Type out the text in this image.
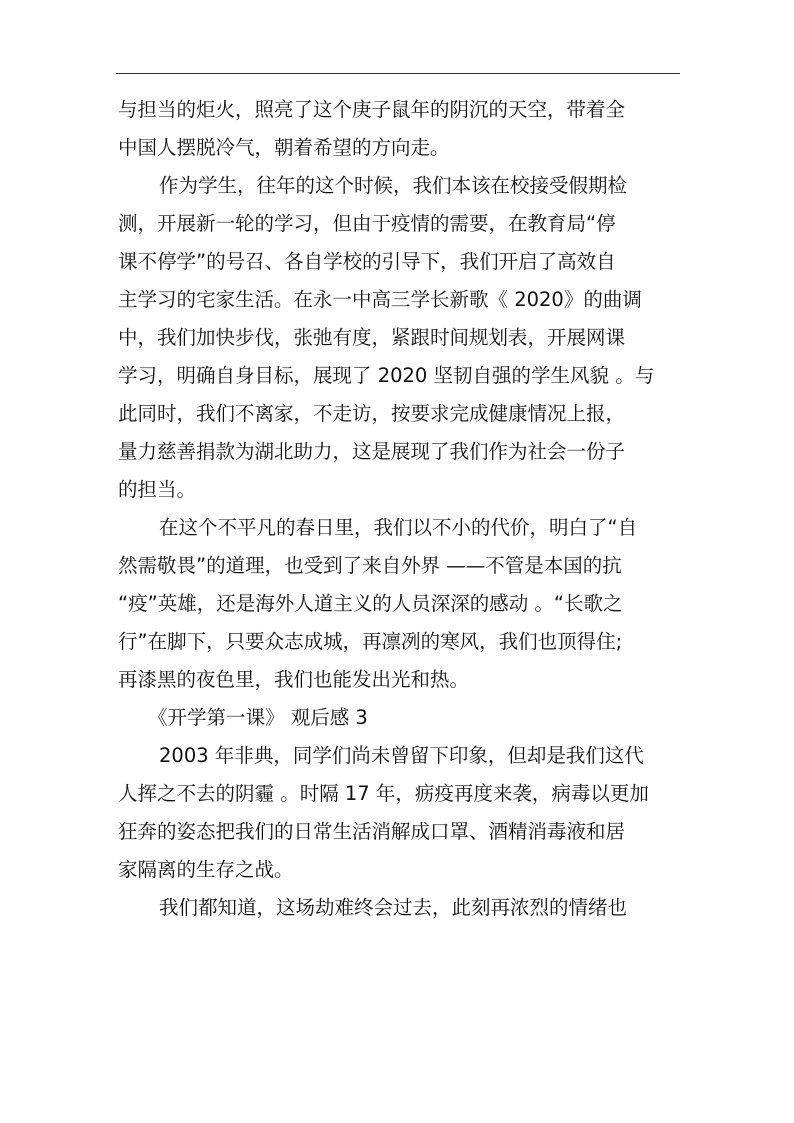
与担当的炬火，照亮了这个庚子鼠年的阴沉的天空，带着全
中国人摆脱冷气，朝着希望的方向走。
作为学生，往年的这个时候，我们本该在校接受假期检
测，开展新一轮的学习，但由于疫情的需要，在教育局“停
课不停学”的号召、各自学校的引导下，我们开启了高效自
主学习的宅家生活。在永一中高三学长新歌《 2020》的曲调
中，我们加快步伐，张弛有度，紧跟时间规划表，开展网课
学习，明确自身目标，展现了 2020 坚韧自强的学生风貌 。与
此同时，我们不离家，不走访，按要求完成健康情况上报，
量力慈善捐款为湖北助力，这是展现了我们作为社会一份子
的担当。
在这个不平凡的春日里，我们以不小的代价，明白了“自
然需敬畏”的道理，也受到了来自外界 ——不管是本国的抗
“疫”英雄，还是海外人道主义的人员深深的感动 。“长歌之
行”在脚下，只要众志成城，再凛冽的寒风，我们也顶得住;
再漆黑的夜色里，我们也能发出光和热。
《开学第一课》 观后感 3
2003 年非典，同学们尚未曾留下印象，但却是我们这代
人挥之不去的阴霾 。时隔 17 年，疬疫再度来袭，病毒以更加
狂奔的姿态把我们的日常生活消解成口罩、酒精消毒液和居
家隔离的生存之战。
我们都知道，这场劫难终会过去，此刻再浓烈的情绪也
